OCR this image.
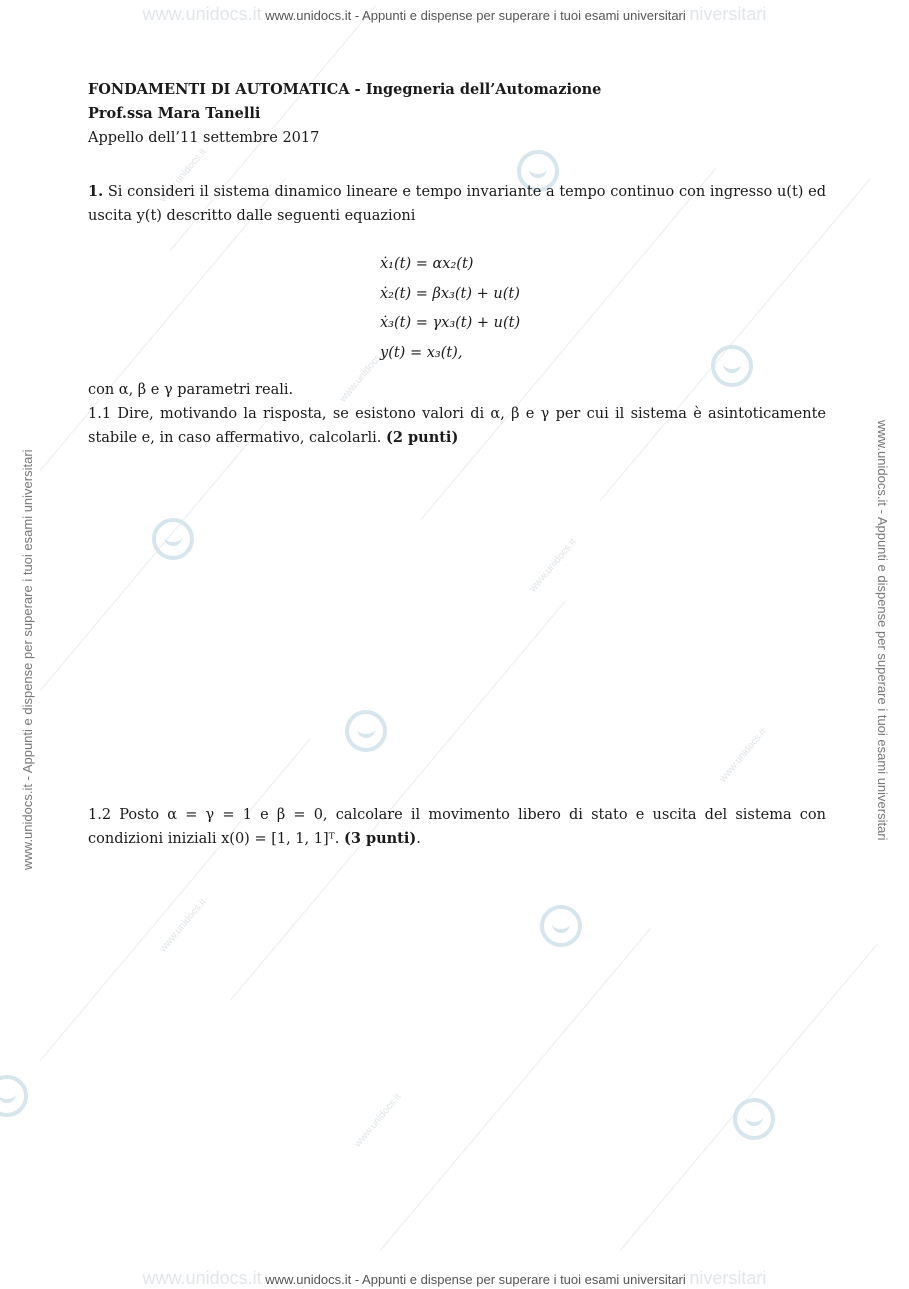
www.unidocs.it
www.unidocs.it
www.unidocs.it
www.unidocs.it
www.unidocs.it
www.unidocs.it
www.unidocs.it www.unidocs.it - Appunti e dispense per superare i tuoi esami universitari niversitari
www.unidocs.it www.unidocs.it - Appunti e dispense per superare i tuoi esami universitari niversitari
www.unidocs.it - Appunti e dispense per superare i tuoi esami universitari	www.unidocs.it - Appunti e dispense per superare i tuoi esami universitari
FONDAMENTI DI AUTOMATICA - Ingegneria dell’Automazione
Prof.ssa Mara Tanelli
Appello dell’11 settembre 2017

1. Si consideri il sistema dinamico lineare e tempo invariante a tempo continuo con ingresso u(t) ed uscita y(t) descritto dalle seguenti equazioni

ẋ₁(t) = αx₂(t)
ẋ₂(t) = βx₃(t) + u(t)
ẋ₃(t) = γx₃(t) + u(t)
y(t) = x₃(t),

con α, β e γ parametri reali.

1.1 Dire, motivando la risposta, se esistono valori di α, β e γ per cui il sistema è asintoticamente stabile e, in caso affermativo, calcolarli. (2 punti)

1.2 Posto α = γ = 1 e β = 0, calcolare il movimento libero di stato e uscita del sistema con condizioni iniziali x(0) = [1, 1, 1]ᵀ. (3 punti).
